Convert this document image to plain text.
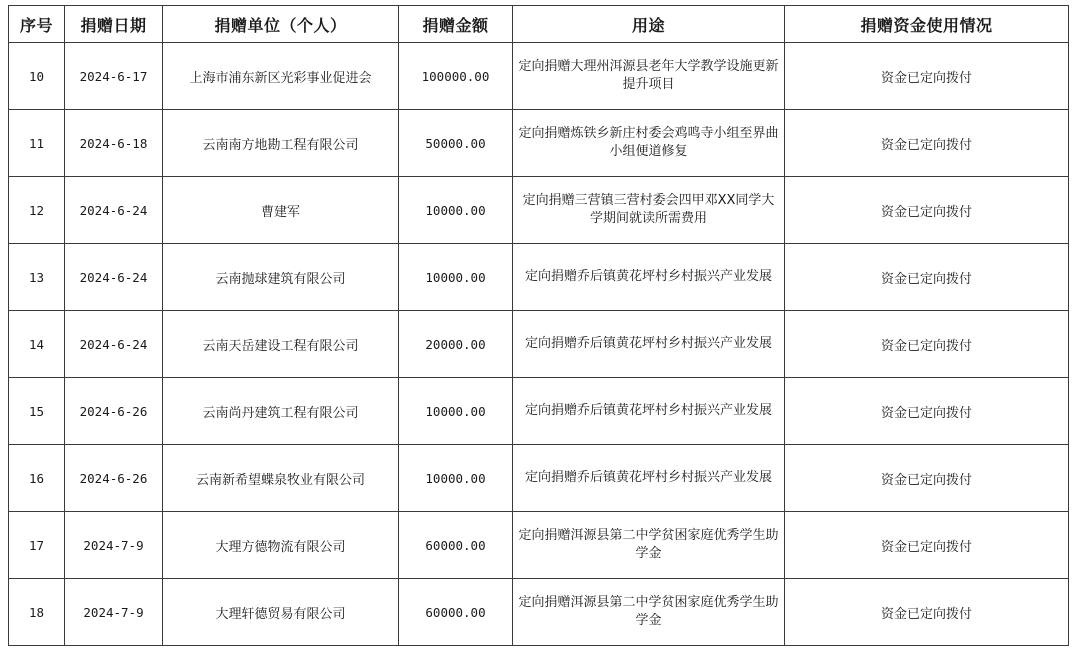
序号	捐赠日期	捐赠单位（个人）	捐赠金额	用途	捐赠资金使用情况
10	2024-6-17	上海市浦东新区光彩事业促进会	100000.00	定向捐赠大理州洱源县老年大学教学设施更新提升项目	资金已定向拨付
11	2024-6-18	云南南方地勘工程有限公司	50000.00	定向捐赠炼铁乡新庄村委会鸡鸣寺小组至界曲小组便道修复	资金已定向拨付
12	2024-6-24	曹建军	10000.00	定向捐赠三营镇三营村委会四甲邓XX同学大学期间就读所需费用	资金已定向拨付
13	2024-6-24	云南抛球建筑有限公司	10000.00	定向捐赠乔后镇黄花坪村乡村振兴产业发展	资金已定向拨付
14	2024-6-24	云南天岳建设工程有限公司	20000.00	定向捐赠乔后镇黄花坪村乡村振兴产业发展	资金已定向拨付
15	2024-6-26	云南尚丹建筑工程有限公司	10000.00	定向捐赠乔后镇黄花坪村乡村振兴产业发展	资金已定向拨付
16	2024-6-26	云南新希望蝶泉牧业有限公司	10000.00	定向捐赠乔后镇黄花坪村乡村振兴产业发展	资金已定向拨付
17	2024-7-9	大理方德物流有限公司	60000.00	定向捐赠洱源县第二中学贫困家庭优秀学生助学金	资金已定向拨付
18	2024-7-9	大理轩德贸易有限公司	60000.00	定向捐赠洱源县第二中学贫困家庭优秀学生助学金	资金已定向拨付
